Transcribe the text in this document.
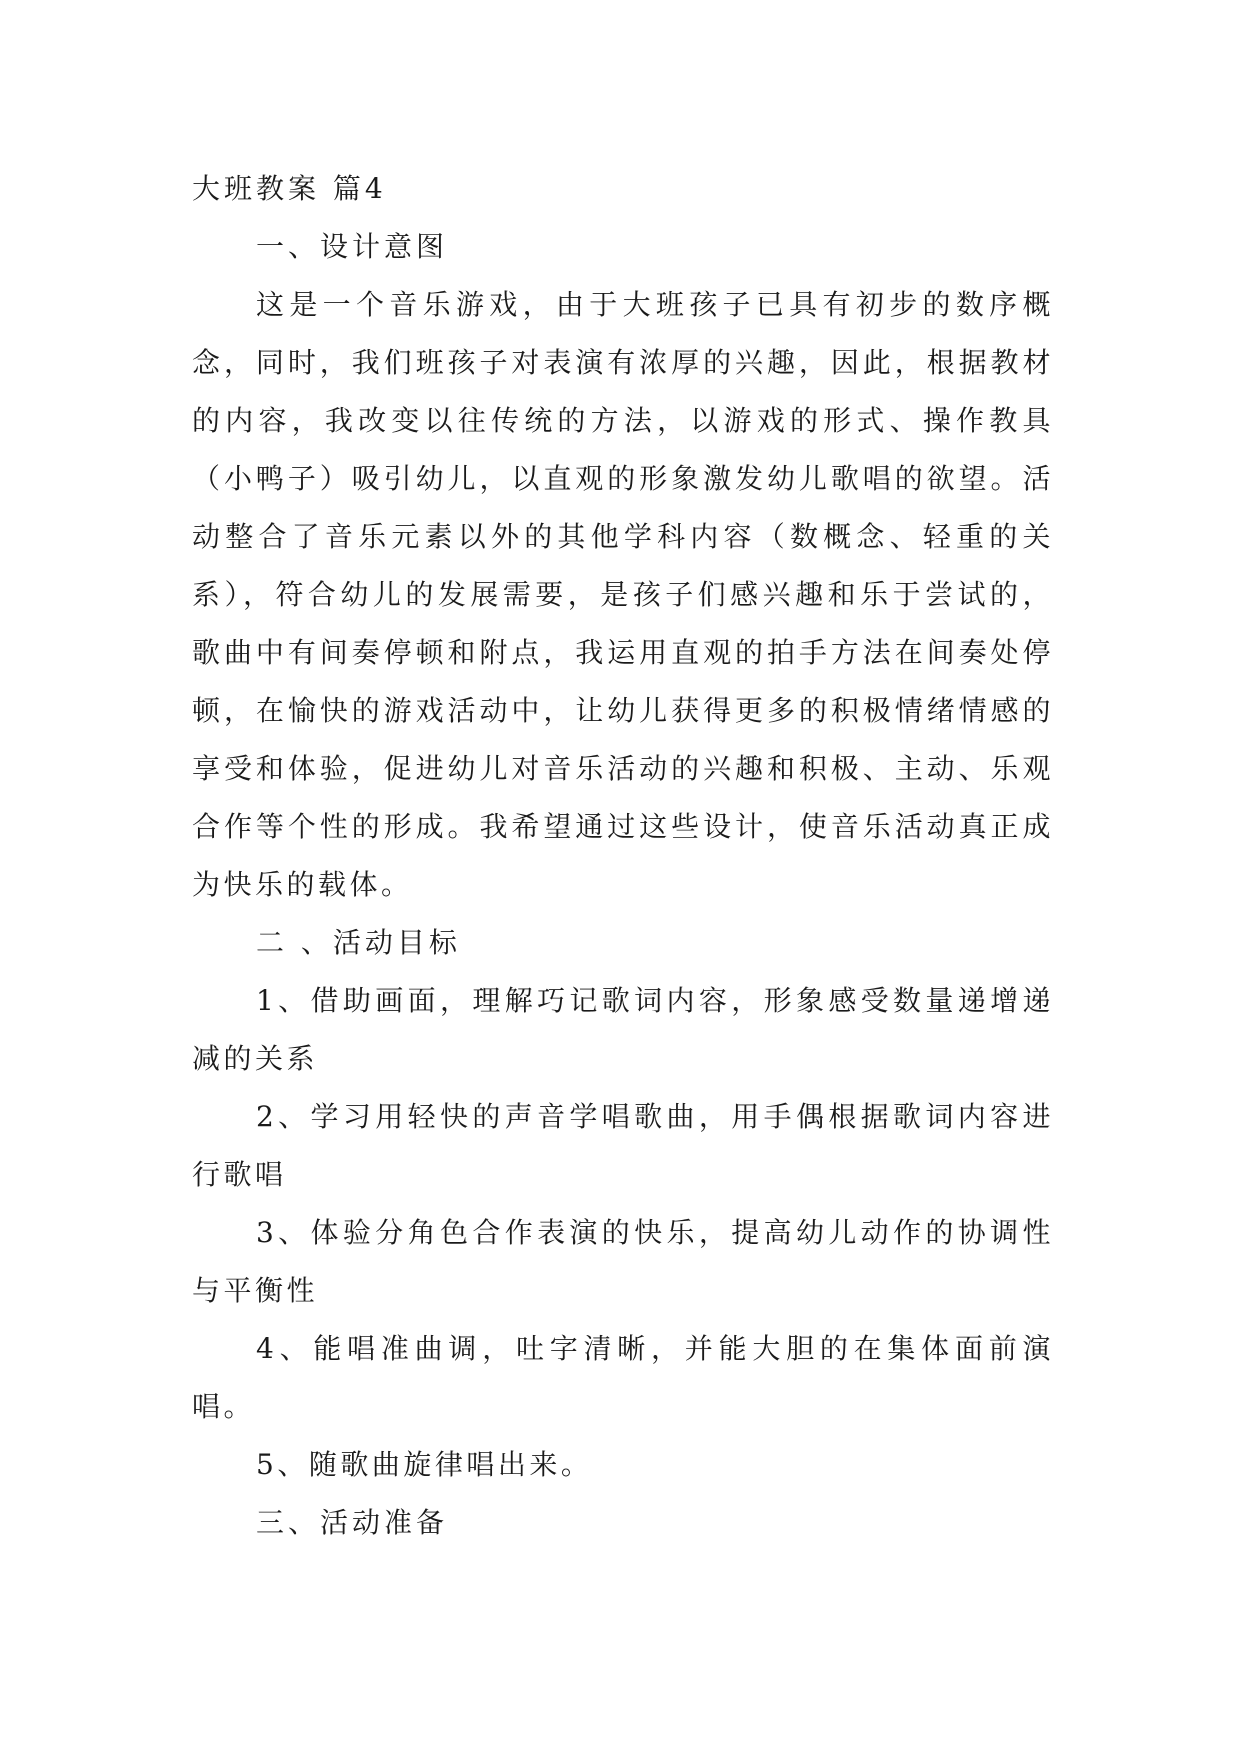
大班教案 篇4

一、设计意图

这是一个音乐游戏，由于大班孩子已具有初步的数序概念，同时，我们班孩子对表演有浓厚的兴趣，因此，根据教材的内容，我改变以往传统的方法，以游戏的形式、操作教具（小鸭子）吸引幼儿，以直观的形象激发幼儿歌唱的欲望。活动整合了音乐元素以外的其他学科内容（数概念、轻重的关系），符合幼儿的发展需要，是孩子们感兴趣和乐于尝试的，歌曲中有间奏停顿和附点，我运用直观的拍手方法在间奏处停顿，在愉快的游戏活动中，让幼儿获得更多的积极情绪情感的享受和体验，促进幼儿对音乐活动的兴趣和积极、主动、乐观合作等个性的形成。我希望通过这些设计，使音乐活动真正成为快乐的载体。

二 、活动目标

1、借助画面，理解巧记歌词内容，形象感受数量递增递减的关系

2、学习用轻快的声音学唱歌曲，用手偶根据歌词内容进行歌唱

3、体验分角色合作表演的快乐，提高幼儿动作的协调性与平衡性

4、能唱准曲调，吐字清晰，并能大胆的在集体面前演唱。

5、随歌曲旋律唱出来。

三、活动准备
